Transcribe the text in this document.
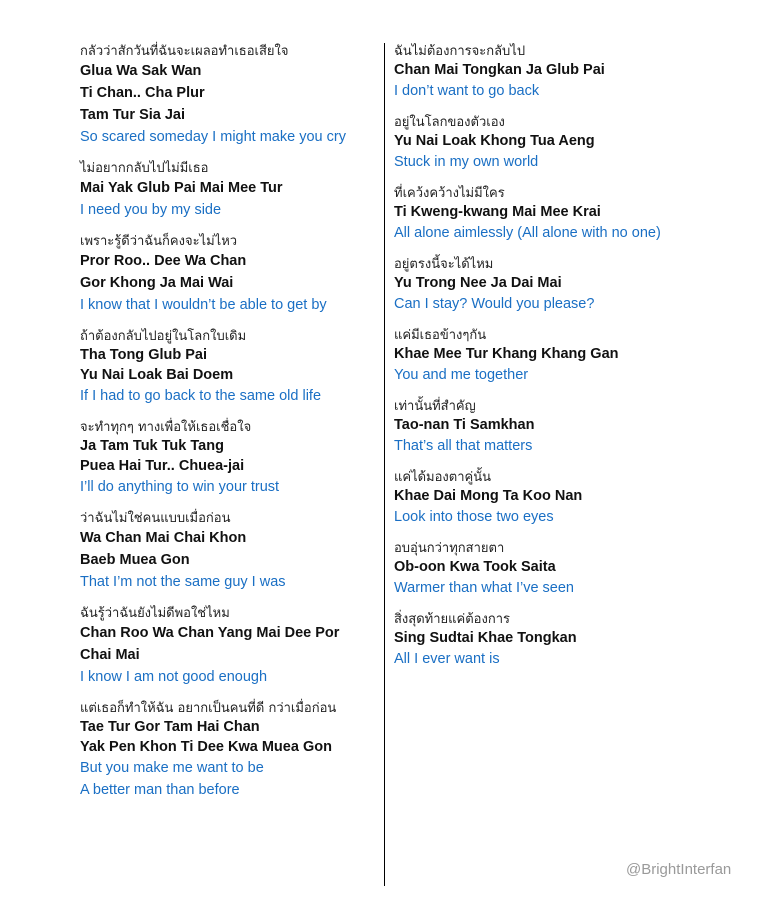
กลัวว่าสักวันที่ฉันจะเผลอทำเธอเสียใจ
Glua Wa Sak Wan
Ti Chan.. Cha Plur
Tam Tur Sia Jai
So scared someday I might make you cry
ไม่อยากกลับไปไม่มีเธอ
Mai Yak Glub Pai Mai Mee Tur
I need you by my side
เพราะรู้ดีว่าฉันก็คงจะไม่ไหว
Pror Roo.. Dee Wa Chan
Gor Khong Ja Mai Wai
I know that I wouldn’t be able to get by
ถ้าต้องกลับไปอยู่ในโลกใบเดิม
Tha Tong Glub Pai
Yu Nai Loak Bai Doem
If I had to go back to the same old life
จะทำทุกๆ ทางเพื่อให้เธอเชื่อใจ
Ja Tam Tuk Tuk Tang
Puea Hai Tur.. Chuea-jai
I’ll do anything to win your trust
ว่าฉันไม่ใช่คนแบบเมื่อก่อน
Wa Chan Mai Chai Khon
Baeb Muea Gon
That I’m not the same guy I was
ฉันรู้ว่าฉันยังไม่ดีพอใช่ไหม
Chan Roo Wa Chan Yang Mai Dee Por
Chai Mai
I know I am not good enough
แต่เธอก็ทำให้ฉัน อยากเป็นคนที่ดี กว่าเมื่อก่อน
Tae Tur Gor Tam Hai Chan
Yak Pen Khon Ti Dee Kwa Muea Gon
But you make me want to be
A better man than before
ฉันไม่ต้องการจะกลับไป
Chan Mai Tongkan Ja Glub Pai
I don’t want to go back
อยู่ในโลกของตัวเอง
Yu Nai Loak Khong Tua Aeng
Stuck in my own world
ที่เคว้งคว้างไม่มีใคร
Ti Kweng-kwang Mai Mee Krai
All alone aimlessly (All alone with no one)
อยู่ตรงนี้จะได้ไหม
Yu Trong Nee Ja Dai Mai
Can I stay? Would you please?
แค่มีเธอข้างๆกัน
Khae Mee Tur Khang Khang Gan
You and me together
เท่านั้นที่สำคัญ
Tao-nan Ti Samkhan
That’s all that matters
แค่ได้มองตาคู่นั้น
Khae Dai Mong Ta Koo Nan
Look into those two eyes
อบอุ่นกว่าทุกสายตา
Ob-oon Kwa Took Saita
Warmer than what I’ve seen
สิ่งสุดท้ายแค่ต้องการ
Sing Sudtai Khae Tongkan
All I ever want is
@BrightInterfan
